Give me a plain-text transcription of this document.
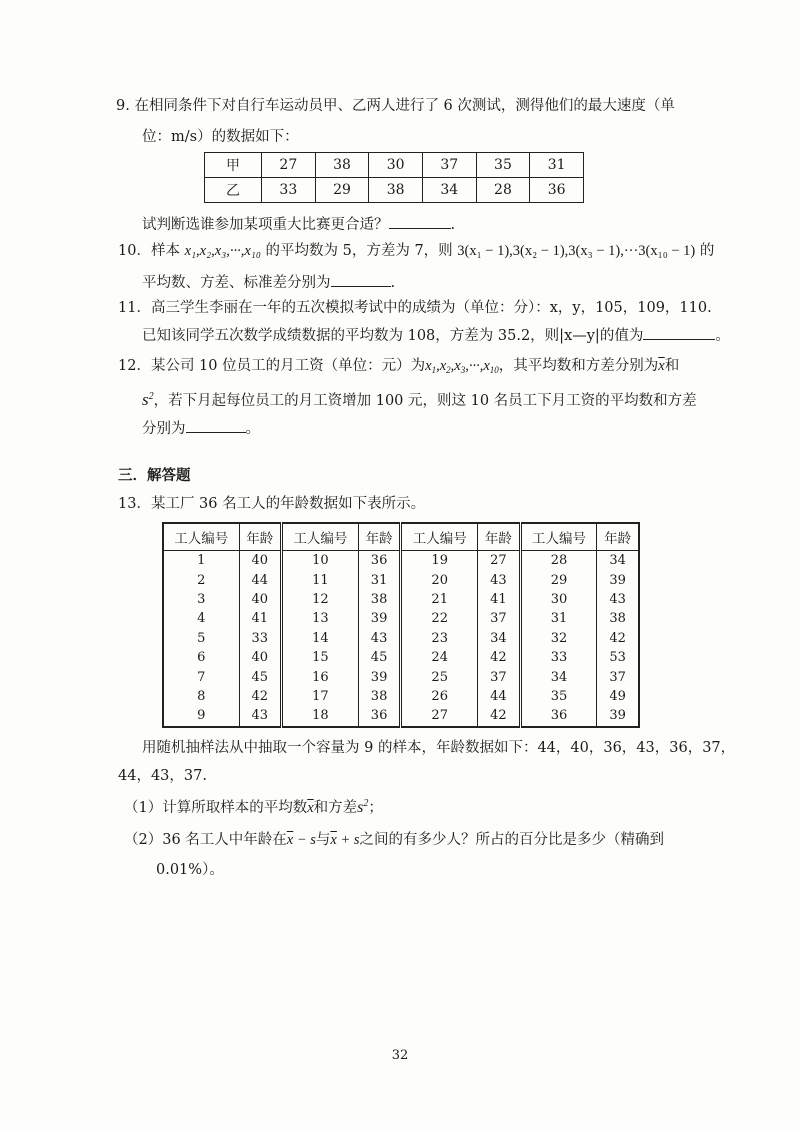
9. 在相同条件下对自行车运动员甲、乙两人进行了 6 次测试，测得他们的最大速度（单
位：m/s）的数据如下：
甲	27	38	30	37	35	31
乙	33	29	38	34	28	36
试判断选谁参加某项重大比赛更合适？	.
10．样本 x₁,x₂,x₃,···,x₁₀ 的平均数为 5，方差为 7，则 3(x₁ − 1),3(x₂ − 1),3(x₃ − 1),···3(x₁₀ − 1) 的
平均数、方差、标准差分别为	.
11．高三学生李丽在一年的五次模拟考试中的成绩为（单位：分）：x，y，105，109，110.
已知该同学五次数学成绩数据的平均数为 108，方差为 35.2，则|x—y|的值为	。
12．某公司 10 位员工的月工资（单位：元）为$x_1,x_2,x_3,\cdot\cdot\cdot,x_{10}$，其平均数和方差分别为$\overline{x}$和
$s^2$，若下月起每位员工的月工资增加 100 元，则这 10 名员工下月工资的平均数和方差
分别为	。
三．解答题
13．某工厂 36 名工人的年龄数据如下表所示。
工人编号	年龄	工人编号	年龄	工人编号	年龄	工人编号	年龄
1	40	10	36	19	27	28	34
2	44	11	31	20	43	29	39
3	40	12	38	21	41	30	43
4	41	13	39	22	37	31	38
5	33	14	43	23	34	32	42
6	40	15	45	24	42	33	53
7	45	16	39	25	37	34	37
8	42	17	38	26	44	35	49
9	43	18	36	27	42	36	39
用随机抽样法从中抽取一个容量为 9 的样本，年龄数据如下：44，40，36，43，36，37，
44，43，37.
（1）计算所取样本的平均数$\overline{x}$和方差$s^2$；
（2）36 名工人中年龄在$\overline{x} - s$与$\overline{x} + s$之间的有多少人？所占的百分比是多少（精确到
0.01%）。
32
